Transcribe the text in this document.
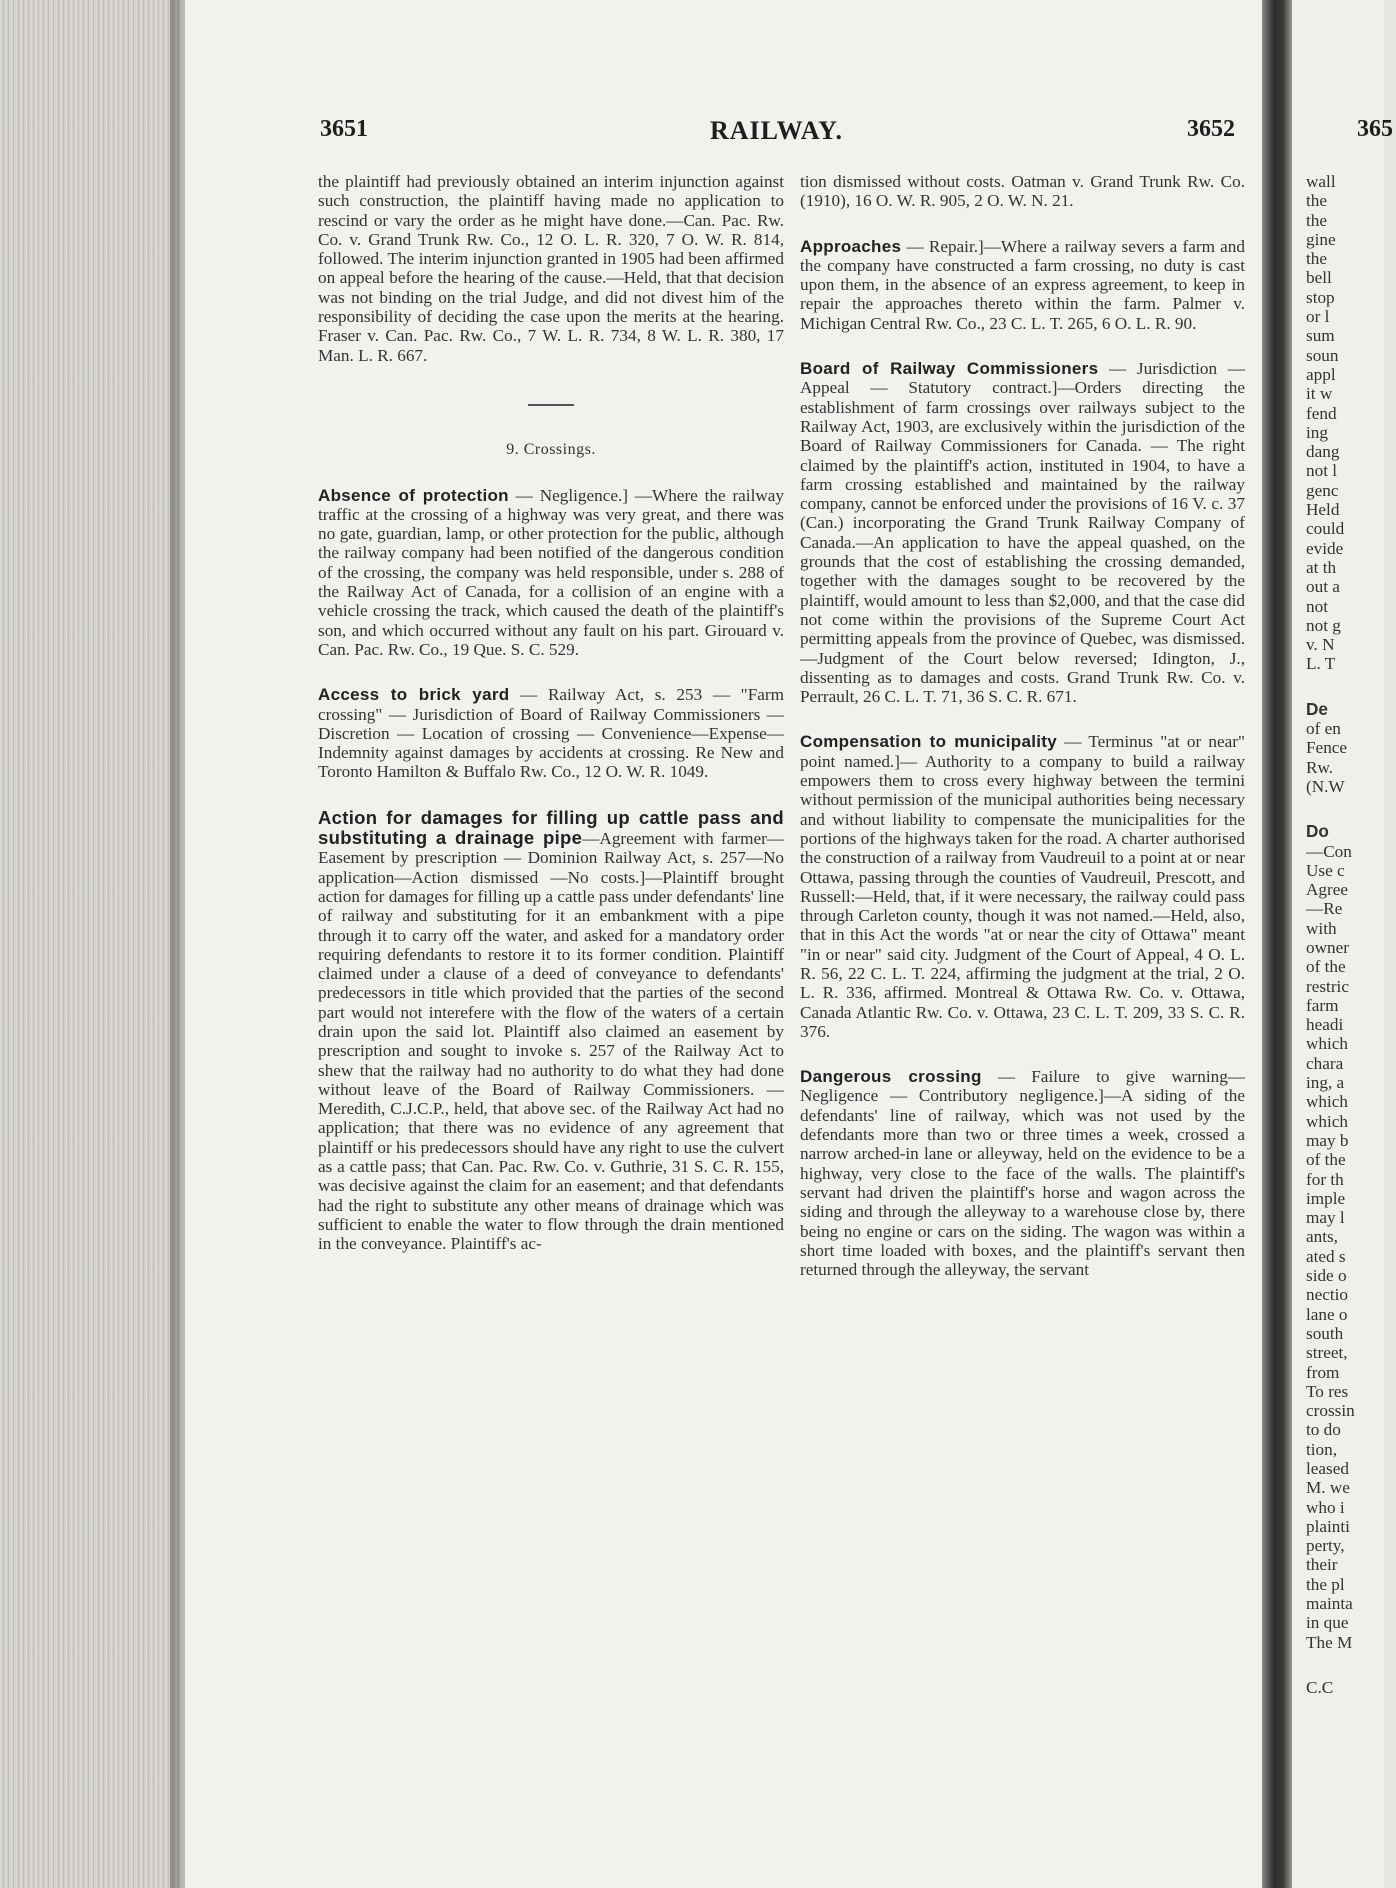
3651	RAILWAY.	3652	365

the plaintiff had previously obtained an interim injunction against such construction, the plaintiff having made no application to rescind or vary the order as he might have done.—Can. Pac. Rw. Co. v. Grand Trunk Rw. Co., 12 O. L. R. 320, 7 O. W. R. 814, followed. The interim injunction granted in 1905 had been affirmed on appeal before the hearing of the cause.—Held, that that decision was not binding on the trial Judge, and did not divest him of the responsibility of deciding the case upon the merits at the hearing. Fraser v. Can. Pac. Rw. Co., 7 W. L. R. 734, 8 W. L. R. 380, 17 Man. L. R. 667.

9. Crossings.

Absence of protection — Negligence.] —Where the railway traffic at the crossing of a highway was very great, and there was no gate, guardian, lamp, or other protection for the public, although the railway company had been notified of the dangerous condition of the crossing, the company was held responsible, under s. 288 of the Railway Act of Canada, for a collision of an engine with a vehicle crossing the track, which caused the death of the plaintiff's son, and which occurred without any fault on his part. Girouard v. Can. Pac. Rw. Co., 19 Que. S. C. 529.

Access to brick yard — Railway Act, s. 253 — "Farm crossing" — Jurisdiction of Board of Railway Commissioners —Discretion — Location of crossing — Convenience—Expense—Indemnity against damages by accidents at crossing. Re New and Toronto Hamilton & Buffalo Rw. Co., 12 O. W. R. 1049.

Action for damages for filling up cattle pass and substituting a drainage pipe—Agreement with farmer—Easement by prescription — Dominion Railway Act, s. 257—No application—Action dismissed —No costs.]—Plaintiff brought action for damages for filling up a cattle pass under defendants' line of railway and substituting for it an embankment with a pipe through it to carry off the water, and asked for a mandatory order requiring defendants to restore it to its former condition. Plaintiff claimed under a clause of a deed of conveyance to defendants' predecessors in title which provided that the parties of the second part would not interefere with the flow of the waters of a certain drain upon the said lot. Plaintiff also claimed an easement by prescription and sought to invoke s. 257 of the Railway Act to shew that the railway had no authority to do what they had done without leave of the Board of Railway Commissioners. — Meredith, C.J.C.P., held, that above sec. of the Railway Act had no application; that there was no evidence of any agreement that plaintiff or his predecessors should have any right to use the culvert as a cattle pass; that Can. Pac. Rw. Co. v. Guthrie, 31 S. C. R. 155, was decisive against the claim for an easement; and that defendants had the right to substitute any other means of drainage which was sufficient to enable the water to flow through the drain mentioned in the conveyance. Plaintiff's ac-

tion dismissed without costs. Oatman v. Grand Trunk Rw. Co. (1910), 16 O. W. R. 905, 2 O. W. N. 21.

Approaches — Repair.]—Where a railway severs a farm and the company have constructed a farm crossing, no duty is cast upon them, in the absence of an express agreement, to keep in repair the approaches thereto within the farm. Palmer v. Michigan Central Rw. Co., 23 C. L. T. 265, 6 O. L. R. 90.

Board of Railway Commissioners — Jurisdiction — Appeal — Statutory contract.]—Orders directing the establishment of farm crossings over railways subject to the Railway Act, 1903, are exclusively within the jurisdiction of the Board of Railway Commissioners for Canada. — The right claimed by the plaintiff's action, instituted in 1904, to have a farm crossing established and maintained by the railway company, cannot be enforced under the provisions of 16 V. c. 37 (Can.) incorporating the Grand Trunk Railway Company of Canada.—An application to have the appeal quashed, on the grounds that the cost of establishing the crossing demanded, together with the damages sought to be recovered by the plaintiff, would amount to less than $2,000, and that the case did not come within the provisions of the Supreme Court Act permitting appeals from the province of Quebec, was dismissed. —Judgment of the Court below reversed; Idington, J., dissenting as to damages and costs. Grand Trunk Rw. Co. v. Perrault, 26 C. L. T. 71, 36 S. C. R. 671.

Compensation to municipality — Terminus "at or near" point named.]— Authority to a company to build a railway empowers them to cross every highway between the termini without permission of the municipal authorities being necessary and without liability to compensate the municipalities for the portions of the highways taken for the road. A charter authorised the construction of a railway from Vaudreuil to a point at or near Ottawa, passing through the counties of Vaudreuil, Prescott, and Russell:—Held, that, if it were necessary, the railway could pass through Carleton county, though it was not named.—Held, also, that in this Act the words "at or near the city of Ottawa" meant "in or near" said city. Judgment of the Court of Appeal, 4 O. L. R. 56, 22 C. L. T. 224, affirming the judgment at the trial, 2 O. L. R. 336, affirmed. Montreal & Ottawa Rw. Co. v. Ottawa, Canada Atlantic Rw. Co. v. Ottawa, 23 C. L. T. 209, 33 S. C. R. 376.

Dangerous crossing — Failure to give warning—Negligence — Contributory negligence.]—A siding of the defendants' line of railway, which was not used by the defendants more than two or three times a week, crossed a narrow arched-in lane or alleyway, held on the evidence to be a highway, very close to the face of the walls. The plaintiff's servant had driven the plaintiff's horse and wagon across the siding and through the alleyway to a warehouse close by, there being no engine or cars on the siding. The wagon was within a short time loaded with boxes, and the plaintiff's servant then returned through the alleyway, the servant

wall
the
the
gine
the
bell
stop
or l
sum
soun
appl
it w
fend
ing
dang
not l
genc
Held
could
evide
at th
out a
not
not g
v. N
L. T
De
of en
Fence
Rw.
(N.W
Do
—Con
Use c
Agree
—Re
with
owner
of the
restric
farm
headi
which
chara
ing, a
which
which
may b
of the
for th
imple
may l
ants,
ated s
side o
nectio
lane o
south
street,
from
To res
crossin
to do
tion,
leased
M. we
who i
plainti
perty,
their
the pl
mainta
in que
The M
C.C
